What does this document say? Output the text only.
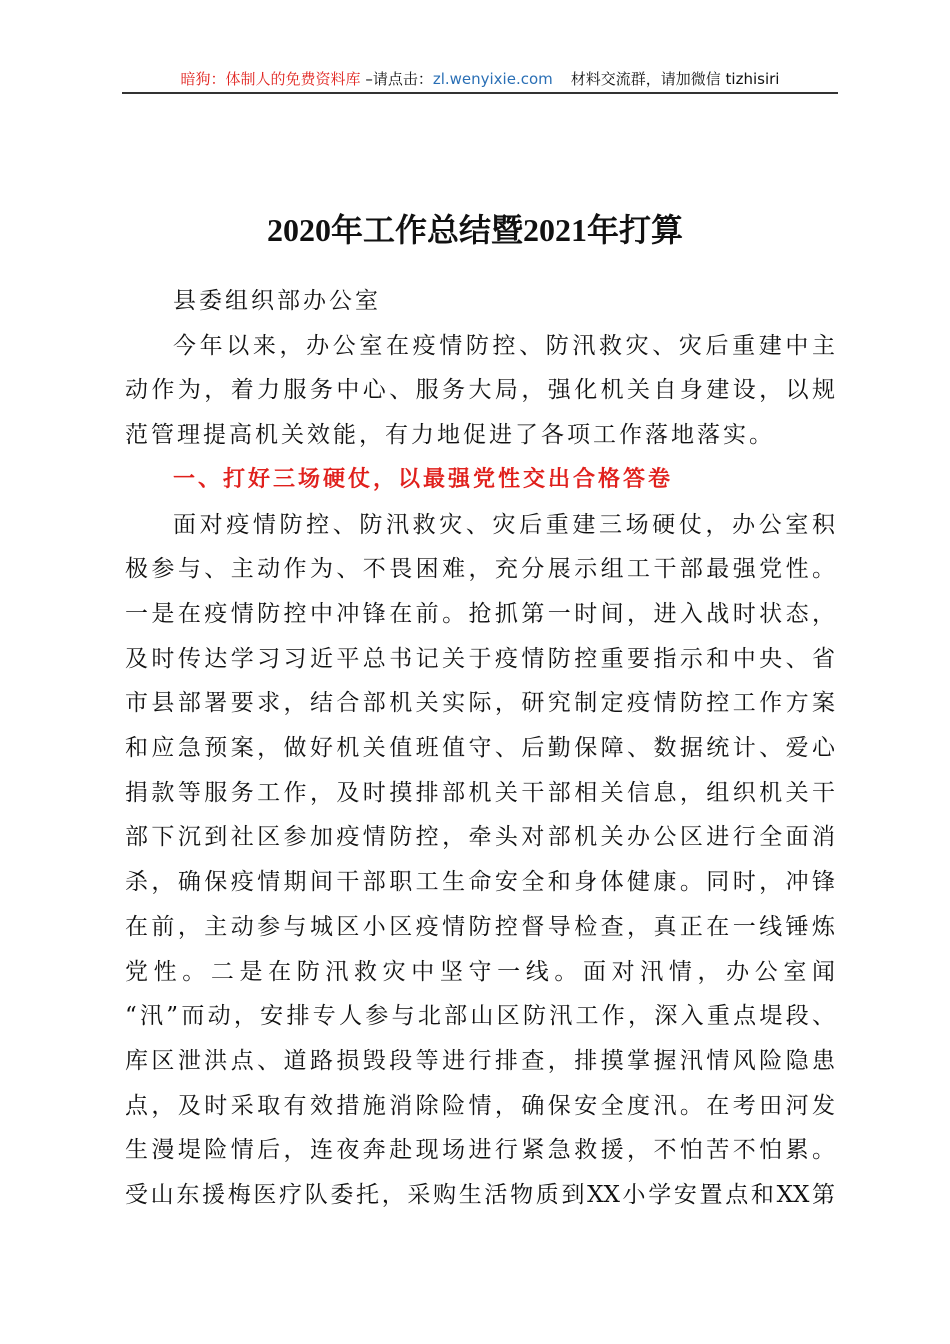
暗狗：体制人的免费资料库 –请点击：zl.wenyixie.com 材料交流群，请加微信 tizhisiri
2020年工作总结暨2021年打算
县委组织部办公室
今年以来，办公室在疫情防控、防汛救灾、灾后重建中主
动作为，着力服务中心、服务大局，强化机关自身建设，以规
范管理提高机关效能，有力地促进了各项工作落地落实。
一、打好三场硬仗，以最强党性交出合格答卷
面对疫情防控、防汛救灾、灾后重建三场硬仗，办公室积
极参与、主动作为、不畏困难，充分展示组工干部最强党性。
一是在疫情防控中冲锋在前。抢抓第一时间，进入战时状态，
及时传达学习习近平总书记关于疫情防控重要指示和中央、省
市县部署要求，结合部机关实际，研究制定疫情防控工作方案
和应急预案，做好机关值班值守、后勤保障、数据统计、爱心
捐款等服务工作，及时摸排部机关干部相关信息，组织机关干
部下沉到社区参加疫情防控，牵头对部机关办公区进行全面消
杀，确保疫情期间干部职工生命安全和身体健康。同时，冲锋
在前，主动参与城区小区疫情防控督导检查，真正在一线锤炼
党性。二是在防汛救灾中坚守一线。面对汛情，办公室闻
“汛”而动，安排专人参与北部山区防汛工作，深入重点堤段、
库区泄洪点、道路损毁段等进行排查，排摸掌握汛情风险隐患
点，及时采取有效措施消除险情，确保安全度汛。在考田河发
生漫堤险情后，连夜奔赴现场进行紧急救援，不怕苦不怕累。
受山东援梅医疗队委托，采购生活物质到XX小学安置点和XX第
